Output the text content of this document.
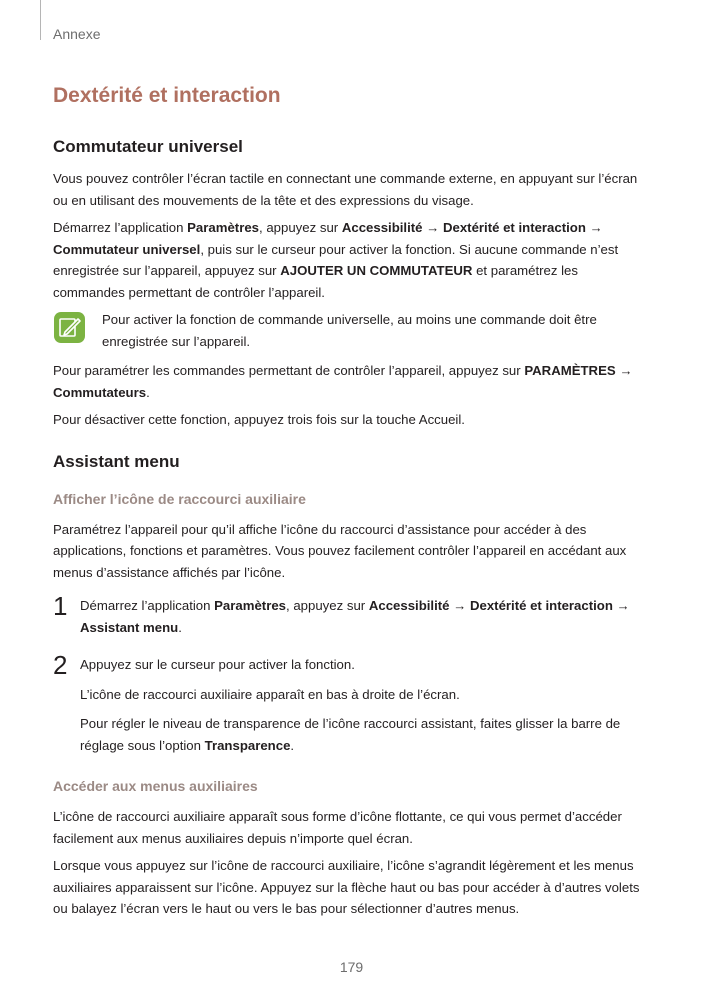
Annexe
Dextérité et interaction
Commutateur universel

Vous pouvez contrôler l’écran tactile en connectant une commande externe, en appuyant sur l’écran ou en utilisant des mouvements de la tête et des expressions du visage.

Démarrez l’application Paramètres, appuyez sur Accessibilité → Dextérité et interaction → Commutateur universel, puis sur le curseur pour activer la fonction. Si aucune commande n’est enregistrée sur l’appareil, appuyez sur AJOUTER UN COMMUTATEUR et paramétrez les commandes permettant de contrôler l’appareil.

Pour activer la fonction de commande universelle, au moins une commande doit être enregistrée sur l’appareil.

Pour paramétrer les commandes permettant de contrôler l’appareil, appuyez sur PARAMÈTRES → Commutateurs.

Pour désactiver cette fonction, appuyez trois fois sur la touche Accueil.

Assistant menu
Afficher l’icône de raccourci auxiliaire

Paramétrez l’appareil pour qu’il affiche l’icône du raccourci d’assistance pour accéder à des applications, fonctions et paramètres. Vous pouvez facilement contrôler l’appareil en accédant aux menus d’assistance affichés par l’icône.

1 Démarrez l’application Paramètres, appuyez sur Accessibilité → Dextérité et interaction → Assistant menu.

2 Appuyez sur le curseur pour activer la fonction.

L’icône de raccourci auxiliaire apparaît en bas à droite de l’écran.

Pour régler le niveau de transparence de l’icône raccourci assistant, faites glisser la barre de réglage sous l’option Transparence.

Accéder aux menus auxiliaires

L’icône de raccourci auxiliaire apparaît sous forme d’icône flottante, ce qui vous permet d’accéder facilement aux menus auxiliaires depuis n’importe quel écran.

Lorsque vous appuyez sur l’icône de raccourci auxiliaire, l’icône s’agrandit légèrement et les menus auxiliaires apparaissent sur l’icône. Appuyez sur la flèche haut ou bas pour accéder à d’autres volets ou balayez l’écran vers le haut ou vers le bas pour sélectionner d’autres menus.

179
